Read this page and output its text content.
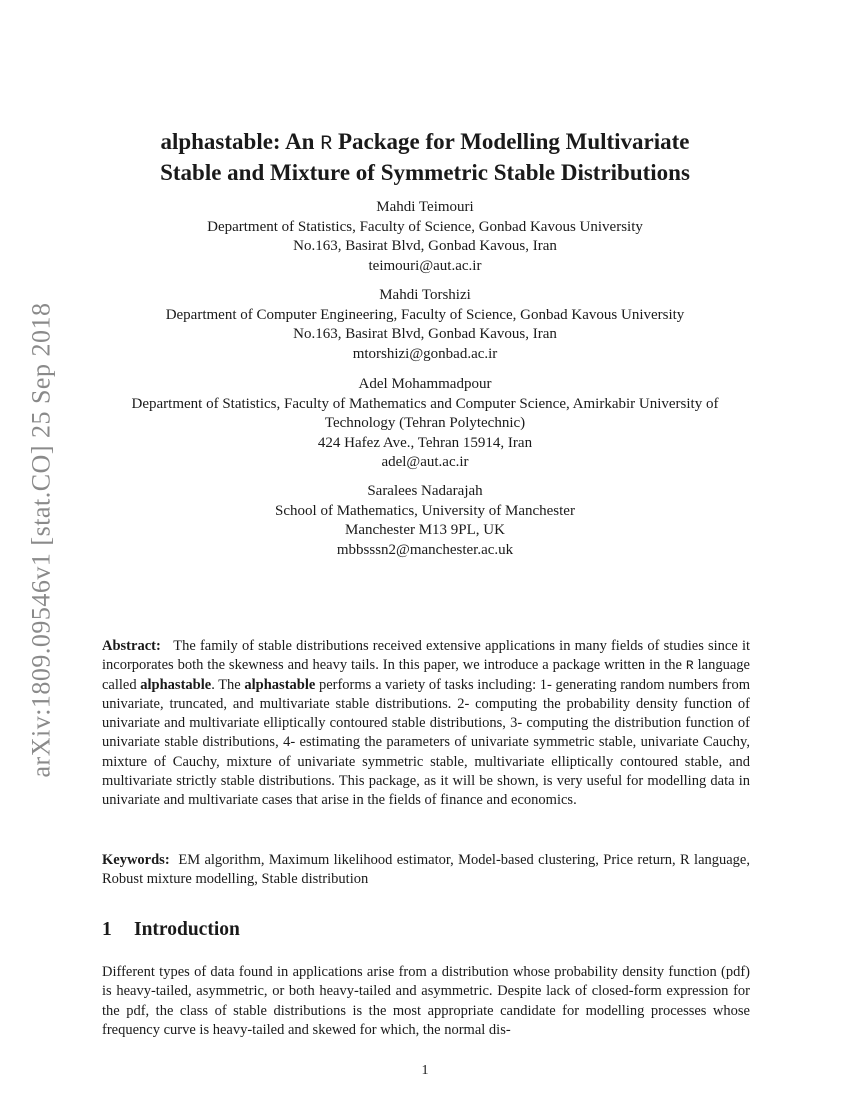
arXiv:1809.09546v1 [stat.CO] 25 Sep 2018
alphastable: An R Package for Modelling Multivariate
Stable and Mixture of Symmetric Stable Distributions
Mahdi Teimouri
Department of Statistics, Faculty of Science, Gonbad Kavous University
No.163, Basirat Blvd, Gonbad Kavous, Iran
teimouri@aut.ac.ir
Mahdi Torshizi
Department of Computer Engineering, Faculty of Science, Gonbad Kavous University
No.163, Basirat Blvd, Gonbad Kavous, Iran
mtorshizi@gonbad.ac.ir
Adel Mohammadpour
Department of Statistics, Faculty of Mathematics and Computer Science, Amirkabir University of Technology (Tehran Polytechnic)
424 Hafez Ave., Tehran 15914, Iran
adel@aut.ac.ir
Saralees Nadarajah
School of Mathematics, University of Manchester
Manchester M13 9PL, UK
mbbsssn2@manchester.ac.uk
Abstract: The family of stable distributions received extensive applications in many fields of studies since it incorporates both the skewness and heavy tails. In this paper, we introduce a package written in the R language called alphastable. The alphastable performs a variety of tasks including: 1- generating random numbers from univariate, truncated, and multivariate stable distributions. 2- computing the probability density function of univariate and multivariate elliptically contoured stable distributions, 3- computing the distribution function of univariate stable distributions, 4- estimating the parameters of univariate symmetric stable, univariate Cauchy, mixture of Cauchy, mixture of univariate symmetric stable, multivariate elliptically contoured stable, and multivariate strictly stable distributions. This package, as it will be shown, is very useful for modelling data in univariate and multivariate cases that arise in the fields of finance and economics.
Keywords: EM algorithm, Maximum likelihood estimator, Model-based clustering, Price return, R language, Robust mixture modelling, Stable distribution
1 Introduction
Different types of data found in applications arise from a distribution whose probability density function (pdf) is heavy-tailed, asymmetric, or both heavy-tailed and asymmetric. Despite lack of closed-form expression for the pdf, the class of stable distributions is the most appropriate candidate for modelling processes whose frequency curve is heavy-tailed and skewed for which, the normal dis-
1
